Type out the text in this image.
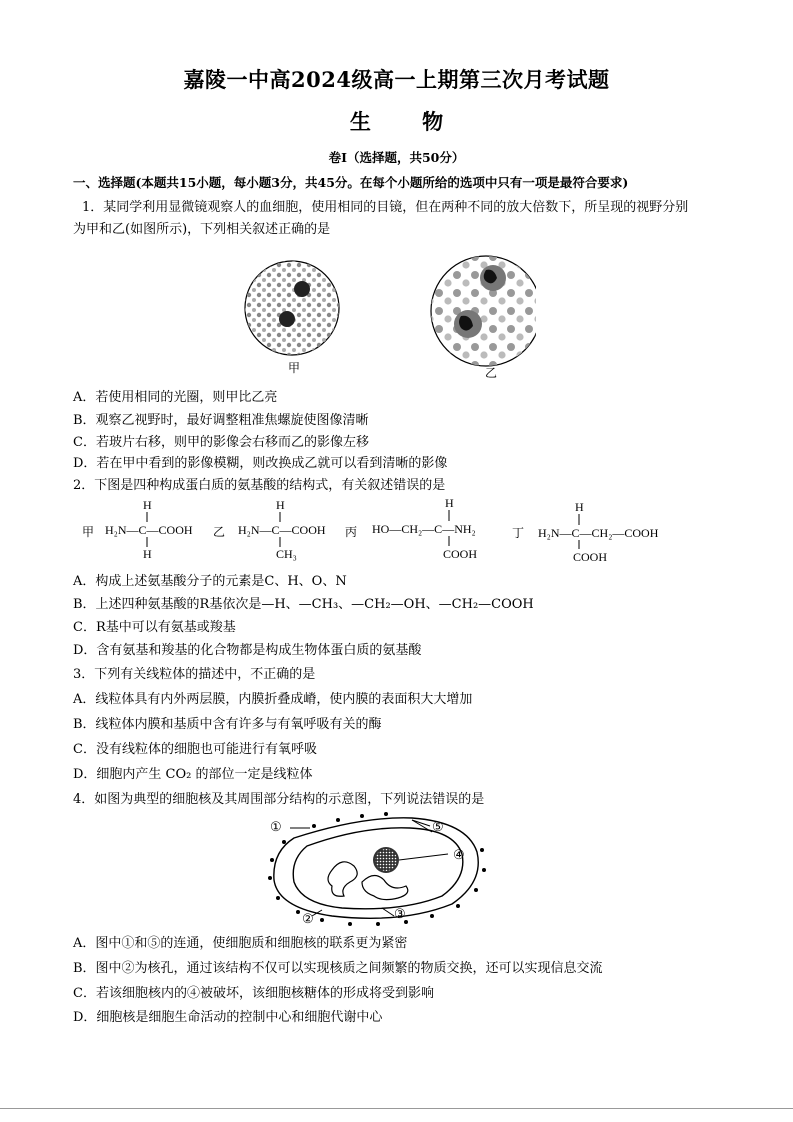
嘉陵一中高2024级高一上期第三次月考试题
生 物
卷Ⅰ（选择题，共50分）
一、选择题(本题共15小题，每小题3分，共45分。在每个小题所给的选项中只有一项是最符合要求)
1．某同学利用显微镜观察人的血细胞，使用相同的目镜，但在两种不同的放大倍数下，所呈现的视野分别
为甲和乙(如图所示)，下列相关叙述正确的是
甲	乙
A．若使用相同的光圈，则甲比乙亮
B．观察乙视野时，最好调整粗准焦螺旋使图像清晰
C．若玻片右移，则甲的影像会右移而乙的影像左移
D．若在甲中看到的影像模糊，则改换成乙就可以看到清晰的影像
2．下图是四种构成蛋白质的氨基酸的结构式，有关叙述错误的是
甲
H
H₂N—C—COOH
H
乙
H
H₂N—C—COOH
CH₃
丙
H
HO—CH₂—C—NH₂
COOH
丁
H
H₂N—C—CH₂—COOH
COOH
A．构成上述氨基酸分子的元素是C、H、O、N
B．上述四种氨基酸的R基依次是—H、—CH₃、—CH₂—OH、—CH₂—COOH
C．R基中可以有氨基或羧基
D．含有氨基和羧基的化合物都是构成生物体蛋白质的氨基酸
3．下列有关线粒体的描述中，不正确的是
A．线粒体具有内外两层膜，内膜折叠成嵴，使内膜的表面积大大增加
B．线粒体内膜和基质中含有许多与有氧呼吸有关的酶
C．没有线粒体的细胞也可能进行有氧呼吸
D．细胞内产生 CO₂ 的部位一定是线粒体
4．如图为典型的细胞核及其周围部分结构的示意图，下列说法错误的是
①
②	③
④
⑤
A．图中①和⑤的连通，使细胞质和细胞核的联系更为紧密
B．图中②为核孔，通过该结构不仅可以实现核质之间频繁的物质交换，还可以实现信息交流
C．若该细胞核内的④被破坏，该细胞核糖体的形成将受到影响
D．细胞核是细胞生命活动的控制中心和细胞代谢中心
